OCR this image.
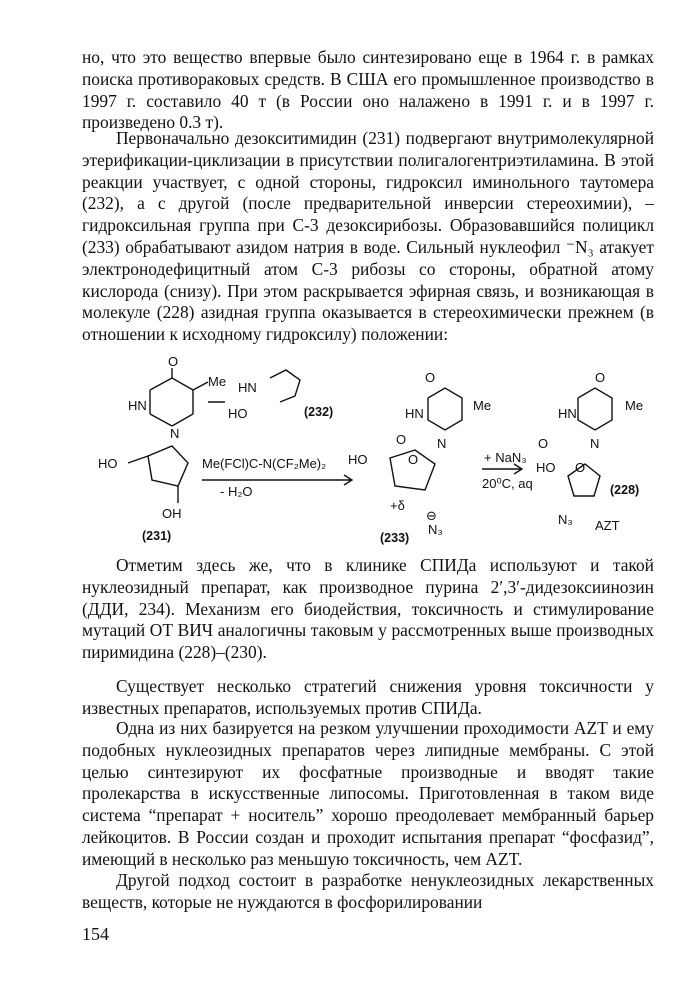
но, что это вещество впервые было синтезировано еще в 1964 г. в рамках поиска противораковых средств. В США его промышленное производство в 1997 г. составило 40 т (в России оно налажено в 1991 г. и в 1997 г. произведено 0.3 т).

Первоначально дезокситимидин (231) подвергают внутримолекулярной этерификации-циклизации в присутствии полигалогентриэтиламина. В этой реакции участвует, с одной стороны, гидроксил иминольного таутомера (232), а с другой (после предварительной инверсии стереохимии), – гидроксильная группа при С-3 дезоксирибозы. Образовавшийся полицикл (233) обрабатывают азидом натрия в воде. Сильный нуклеофил ⁻N₃ атакует электронодефицитный атом С-3 рибозы со стороны, обратной атому кислорода (снизу). При этом раскрывается эфирная связь, и возникающая в молекуле (228) азидная группа оказывается в стереохимически прежнем (в отношении к исходному гидроксилу) положении:

O
Me
HN
HO
N
OH
(231)
HN
HO	(232)
Me(FCl)C-N(CF₂Me)₂
- H₂O
O
Me
HN
O N
HO	O
+δ
⊖
N₃
(233)
+ NaN₃
20⁰C, aq
O
Me
HN
O	N
HO O
(228)
N₃ AZT

Отметим здесь же, что в клинике СПИДа используют и такой нуклеозидный препарат, как производное пурина 2′,3′-дидезоксиинозин (ДДИ, 234). Механизм его биодействия, токсичность и стимулирование мутаций ОТ ВИЧ аналогичны таковым у рассмотренных выше производных пиримидина (228)–(230).

Существует несколько стратегий снижения уровня токсичности у известных препаратов, используемых против СПИДа.

Одна из них базируется на резком улучшении проходимости AZT и ему подобных нуклеозидных препаратов через липидные мембраны. С этой целью синтезируют их фосфатные производные и вводят такие пролекарства в искусственные липосомы. Приготовленная в таком виде система “препарат + носитель” хорошо преодолевает мембранный барьер лейкоцитов. В России создан и проходит испытания препарат “фосфазид”, имеющий в несколько раз меньшую токсичность, чем AZT.

Другой подход состоит в разработке ненуклеозидных лекарственных веществ, которые не нуждаются в фосфорилировании

154
